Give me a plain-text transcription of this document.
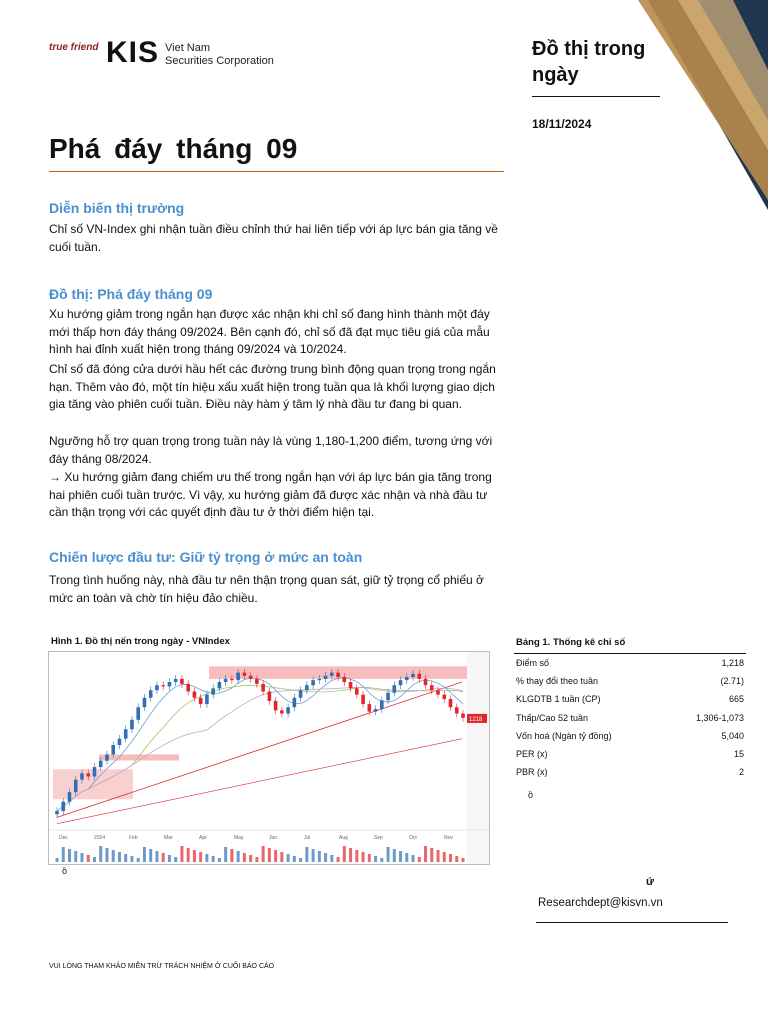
true friend KIS Viet Nam
Securities Corporation
Đồ thị trong ngày
18/11/2024
Phá đáy tháng 09
Diễn biến thị trường
Chỉ số VN-Index ghi nhận tuần điều chỉnh thứ hai liên tiếp với áp lực bán gia tăng về cuối tuần.
Đồ thị: Phá đáy tháng 09
Xu hướng giảm trong ngắn hạn được xác nhận khi chỉ số đang hình thành một đáy mới thấp hơn đáy tháng 09/2024. Bên cạnh đó, chỉ số đã đạt mục tiêu giá của mẫu hình hai đỉnh xuất hiện trong tháng 09/2024 và 10/2024.
Chỉ số đã đóng cửa dưới hầu hết các đường trung bình động quan trọng trong ngắn hạn. Thêm vào đó, một tín hiệu xấu xuất hiện trong tuần qua là khối lượng giao dịch gia tăng vào phiên cuối tuần. Điều này hàm ý tâm lý nhà đầu tư đang bi quan.
Ngưỡng hỗ trợ quan trọng trong tuần này là vùng 1,180-1,200 điểm, tương ứng với đáy tháng 08/2024.
→ Xu hướng giảm đang chiếm ưu thế trong ngắn hạn với áp lực bán gia tăng trong hai phiên cuối tuần trước. Vì vậy, xu hướng giảm đã được xác nhận và nhà đầu tư cần thận trọng với các quyết định đầu tư ở thời điểm hiện tại.
Chiến lược đầu tư: Giữ tỷ trọng ở mức an toàn
Trong tình huống này, nhà đầu tư nên thận trọng quan sát, giữ tỷ trọng cổ phiếu ở mức an toàn và chờ tín hiệu đảo chiều.
Hình 1. Đồ thị nến trong ngày - VNIndex
1218
Dec	2024	Feb	Mar	Apr	May	Jun	Jul	Aug	Sep	Oct	Nov
ồ
Bảng 1. Thống kê chỉ số
Điểm số	1,218
% thay đổi theo tuần	(2.71)
KLGDTB 1 tuần (CP)	665
Thấp/Cao 52 tuần	1,306-1,073
Vốn hoá (Ngàn tỷ đồng)	5,040
PER (x)	15
PBR (x)	2
ồ
ứ
Researchdept@kisvn.vn
VUI LÒNG THAM KHẢO MIỄN TRỪ TRÁCH NHIỆM Ở CUỐI BÁO CÁO
